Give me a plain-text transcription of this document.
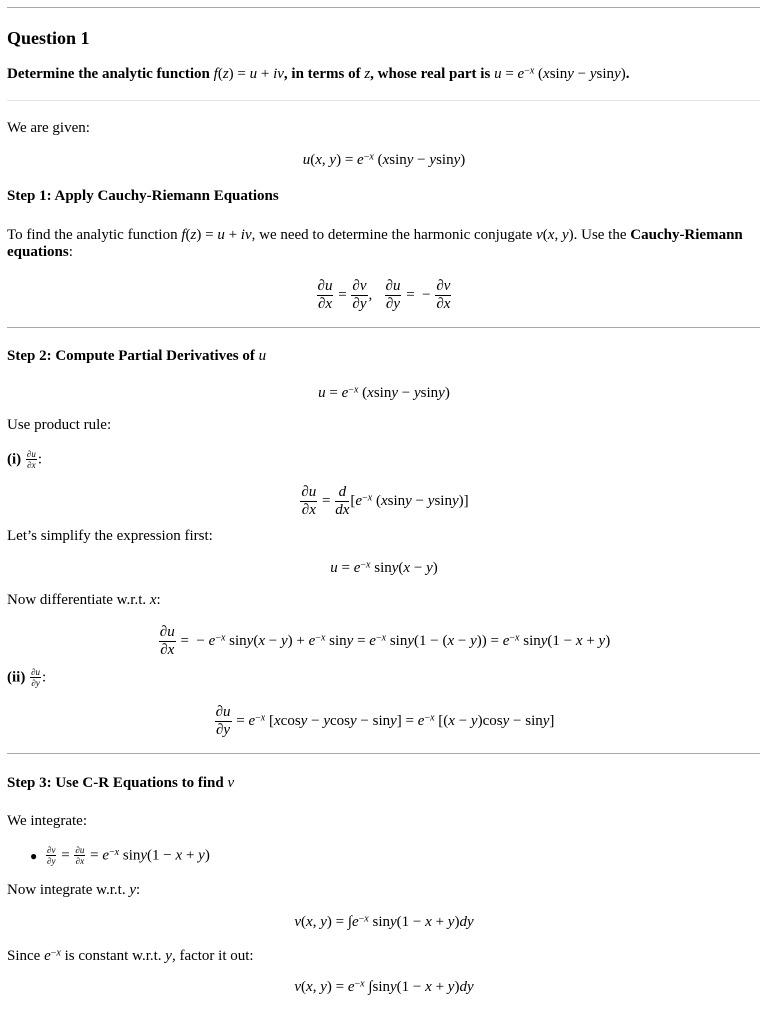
Question 1
Determine the analytic function f(z) = u + iv, in terms of z, whose real part is $u = e^{-x}$ (xsiny − ysiny).
We are given:
u(x, $y) = e^{-x}$ (xsiny − ysiny)
Step 1: Apply Cauchy-Riemann Equations
To find the analytic function f(z) = u + iv, we need to determine the harmonic conjugate v(x, y). Use the Cauchy-Riemann
equations:
$\frac{\partial u}{\partial x} = \frac{\partial v}{\partial y}$ , $\frac{\partial u}{\partial y}$ =  − $\frac{\partial v}{\partial x}$
Step 2: Compute Partial Derivatives of u
$u = e^{-x}$ (xsiny − ysiny)
Use product rule:
$(i) \frac{\partial u}{\partial x}$ :
$\frac{\partial u}{\partial x} = \frac{d}{dx} [e^{-x}$ (xsiny − ysiny)]
Let’s simplify the expression first:
$u = e^{-x}$ siny(x − y)
Now differentiate w.r.t. x:
$\frac{\partial u}{\partial x}$ =  − $e^{-x}$ $\sin y(x - y) + e^{-x}$ $\sin y = e^{-x}$ $\sin y(1 - (x - y)) = e^{-x}$ siny(1 − x + y)
$(ii) \frac{\partial u}{\partial y}$ :
$\frac{\partial u}{\partial y} = e^{-x}$ $[xcosy - ycosy - \sin y] = e^{-x}$ [(x − y)cosy − siny]
Step 3: Use C-R Equations to find v
We integrate:
● $\frac{\partial v}{\partial y} = \frac{\partial u}{\partial x} = e^{-x}$ siny(1 − x + y)
Now integrate w.r.t. y:
v(x, $y) = \int e^{-x}$ siny(1 − x + y)dy
Since $e^{-x}$ is constant w.r.t. y, factor it out:
v(x, $y) = e^{-x}$ ∫siny(1 − x + y)dy
